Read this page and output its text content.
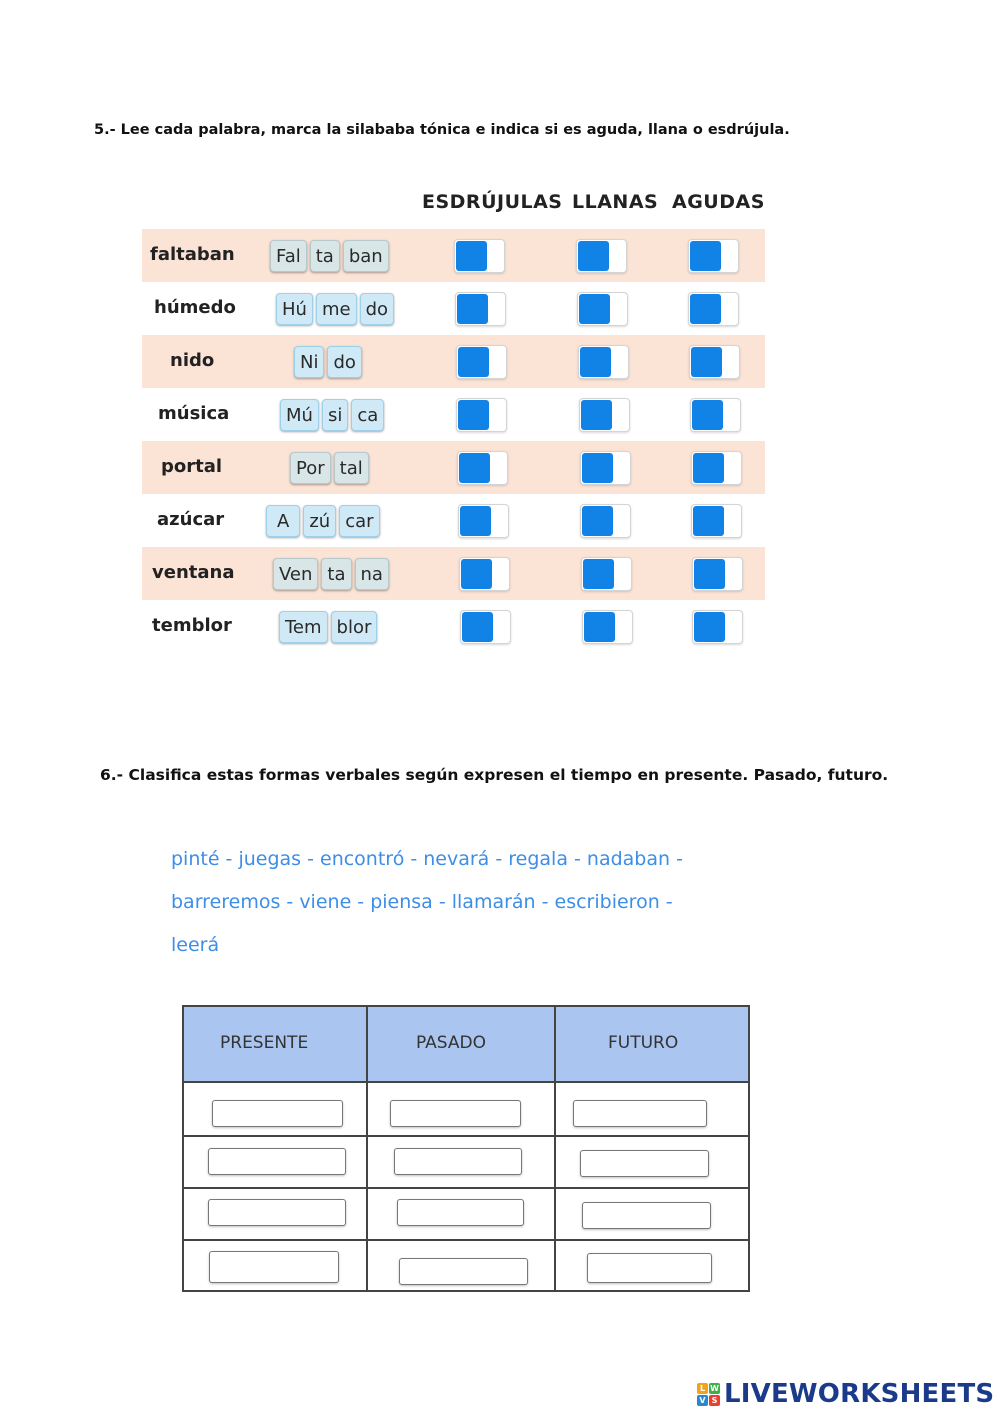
5.- Lee cada palabra, marca la silababa tónica e indica si es aguda, llana o esdrújula.
ESDRÚJULAS LLANAS AGUDAS
faltaban	Fal ta ban
húmedo	Hú me do
nido	Ni do
música	Mú si ca
portal	Por tal
azúcar	A	zú car
ventana	Ven ta na
temblor	Tem blor
6.- Clasifica estas formas verbales según expresen el tiempo en presente. Pasado, futuro.
pinté - juegas - encontró - nevará - regala - nadaban -
barreremos - viene - piensa - llamarán - escribieron -
leerá
PRESENTE	PASADO	FUTURO
L W
V S LIVEWORKSHEETS
